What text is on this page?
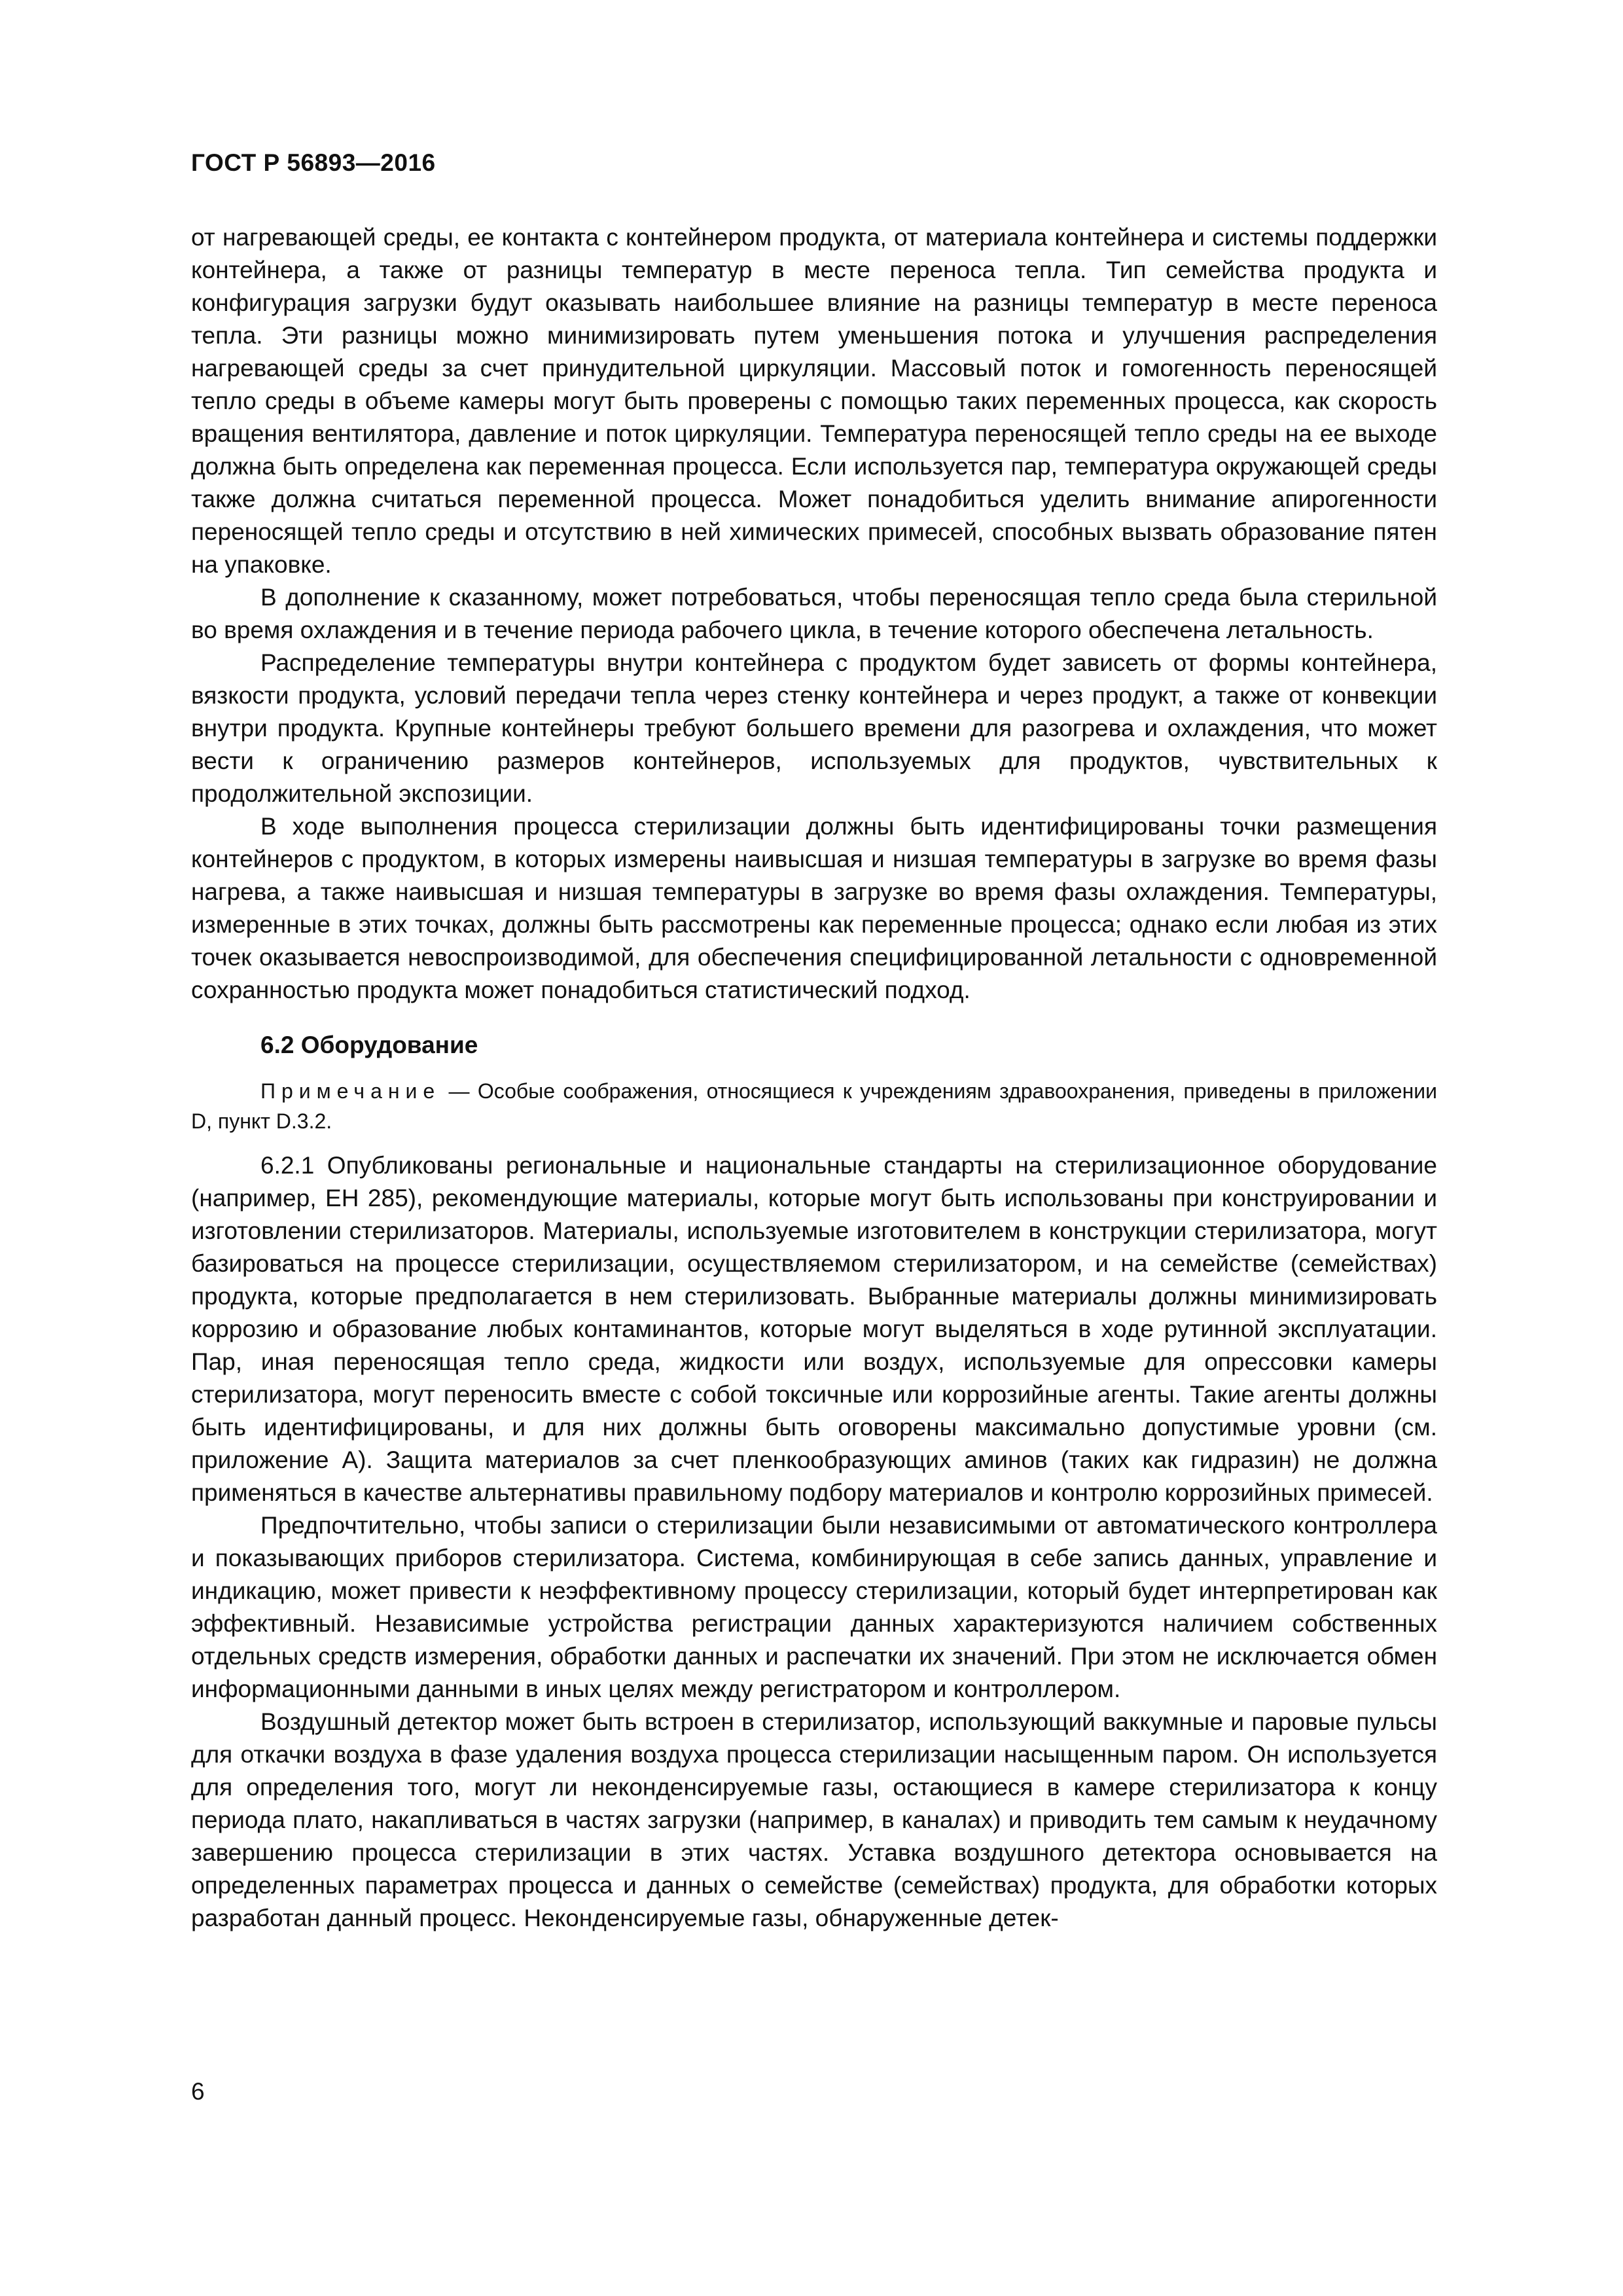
ГОСТ Р 56893—2016

от нагревающей среды, ее контакта с контейнером продукта, от материала контейнера и системы поддержки контейнера, а также от разницы температур в месте переноса тепла. Тип семейства продукта и конфигурация загрузки будут оказывать наибольшее влияние на разницы температур в месте переноса тепла. Эти разницы можно минимизировать путем уменьшения потока и улучшения распределения нагревающей среды за счет принудительной циркуляции. Массовый поток и гомогенность переносящей тепло среды в объеме камеры могут быть проверены с помощью таких переменных процесса, как скорость вращения вентилятора, давление и поток циркуляции. Температура переносящей тепло среды на ее выходе должна быть определена как переменная процесса. Если используется пар, температура окружающей среды также должна считаться переменной процесса. Может понадобиться уделить внимание апирогенности переносящей тепло среды и отсутствию в ней химических примесей, способных вызвать образование пятен на упаковке.

В дополнение к сказанному, может потребоваться, чтобы переносящая тепло среда была стерильной во время охлаждения и в течение периода рабочего цикла, в течение которого обеспечена летальность.

Распределение температуры внутри контейнера с продуктом будет зависеть от формы контейнера, вязкости продукта, условий передачи тепла через стенку контейнера и через продукт, а также от конвекции внутри продукта. Крупные контейнеры требуют большего времени для разогрева и охлаждения, что может вести к ограничению размеров контейнеров, используемых для продуктов, чувствительных к продолжительной экспозиции.

В ходе выполнения процесса стерилизации должны быть идентифицированы точки размещения контейнеров с продуктом, в которых измерены наивысшая и низшая температуры в загрузке во время фазы нагрева, а также наивысшая и низшая температуры в загрузке во время фазы охлаждения. Температуры, измеренные в этих точках, должны быть рассмотрены как переменные процесса; однако если любая из этих точек оказывается невоспроизводимой, для обеспечения специфицированной летальности с одновременной сохранностью продукта может понадобиться статистический подход.

6.2 Оборудование

Примечание — Особые соображения, относящиеся к учреждениям здравоохранения, приведены в приложении D, пункт D.3.2.

6.2.1 Опубликованы региональные и национальные стандарты на стерилизационное оборудование (например, ЕН 285), рекомендующие материалы, которые могут быть использованы при конструировании и изготовлении стерилизаторов. Материалы, используемые изготовителем в конструкции стерилизатора, могут базироваться на процессе стерилизации, осуществляемом стерилизатором, и на семействе (семействах) продукта, которые предполагается в нем стерилизовать. Выбранные материалы должны минимизировать коррозию и образование любых контаминантов, которые могут выделяться в ходе рутинной эксплуатации. Пар, иная переносящая тепло среда, жидкости или воздух, используемые для опрессовки камеры стерилизатора, могут переносить вместе с собой токсичные или коррозийные агенты. Такие агенты должны быть идентифицированы, и для них должны быть оговорены максимально допустимые уровни (см. приложение А). Защита материалов за счет пленкообразующих аминов (таких как гидразин) не должна применяться в качестве альтернативы правильному подбору материалов и контролю коррозийных примесей.

Предпочтительно, чтобы записи о стерилизации были независимыми от автоматического контроллера и показывающих приборов стерилизатора. Система, комбинирующая в себе запись данных, управление и индикацию, может привести к неэффективному процессу стерилизации, который будет интерпретирован как эффективный. Независимые устройства регистрации данных характеризуются наличием собственных отдельных средств измерения, обработки данных и распечатки их значений. При этом не исключается обмен информационными данными в иных целях между регистратором и контроллером.

Воздушный детектор может быть встроен в стерилизатор, использующий ваккумные и паровые пульсы для откачки воздуха в фазе удаления воздуха процесса стерилизации насыщенным паром. Он используется для определения того, могут ли неконденсируемые газы, остающиеся в камере стерилизатора к концу периода плато, накапливаться в частях загрузки (например, в каналах) и приводить тем самым к неудачному завершению процесса стерилизации в этих частях. Уставка воздушного детектора основывается на определенных параметрах процесса и данных о семействе (семействах) продукта, для обработки которых разработан данный процесс. Неконденсируемые газы, обнаруженные детек-

6
